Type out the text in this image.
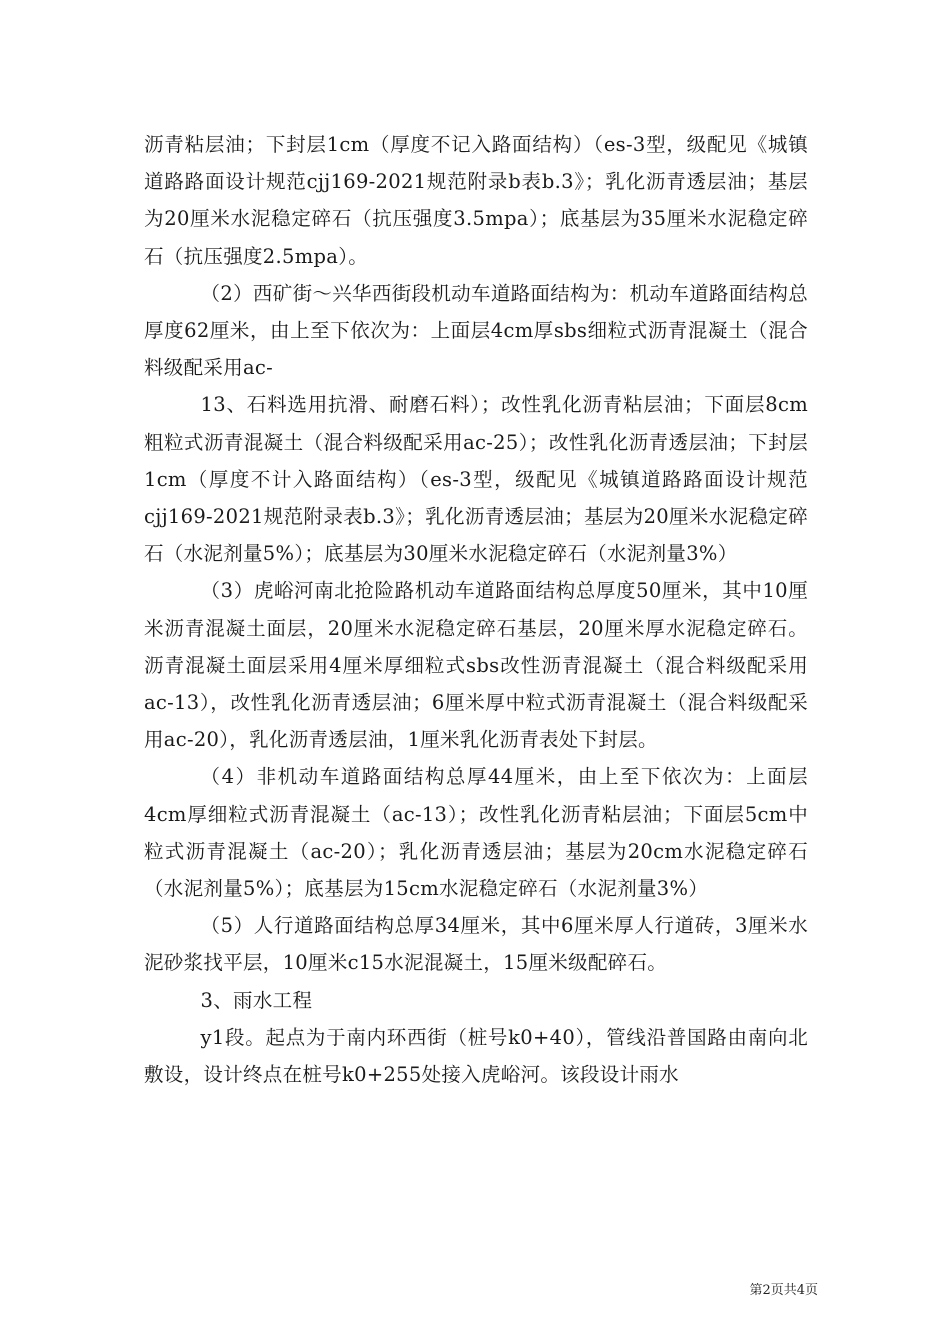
沥青粘层油；下封层1cm（厚度不记入路面结构）（es-3型，级配见《城镇道路路面设计规范cjj169-2021规范附录b表b.3》；乳化沥青透层油；基层为20厘米水泥稳定碎石（抗压强度3.5mpa）；底基层为35厘米水泥稳定碎石（抗压强度2.5mpa）。

（2）西矿街～兴华西街段机动车道路面结构为：机动车道路面结构总厚度62厘米，由上至下依次为：上面层4cm厚sbs细粒式沥青混凝土（混合料级配采用ac-

13、石料选用抗滑、耐磨石料）；改性乳化沥青粘层油；下面层8cm粗粒式沥青混凝土（混合料级配采用ac-25）；改性乳化沥青透层油；下封层1cm（厚度不计入路面结构）（es-3型，级配见《城镇道路路面设计规范cjj169-2021规范附录表b.3》；乳化沥青透层油；基层为20厘米水泥稳定碎石（水泥剂量5%）；底基层为30厘米水泥稳定碎石（水泥剂量3%）

（3）虎峪河南北抢险路机动车道路面结构总厚度50厘米，其中10厘米沥青混凝土面层，20厘米水泥稳定碎石基层，20厘米厚水泥稳定碎石。沥青混凝土面层采用4厘米厚细粒式sbs改性沥青混凝土（混合料级配采用ac-13），改性乳化沥青透层油；6厘米厚中粒式沥青混凝土（混合料级配采用ac-20），乳化沥青透层油，1厘米乳化沥青表处下封层。

（4）非机动车道路面结构总厚44厘米，由上至下依次为：上面层4cm厚细粒式沥青混凝土（ac-13）；改性乳化沥青粘层油；下面层5cm中粒式沥青混凝土（ac-20）；乳化沥青透层油；基层为20cm水泥稳定碎石（水泥剂量5%）；底基层为15cm水泥稳定碎石（水泥剂量3%）

（5）人行道路面结构总厚34厘米，其中6厘米厚人行道砖，3厘米水泥砂浆找平层，10厘米c15水泥混凝土，15厘米级配碎石。

3、雨水工程

y1段。起点为于南内环西街（桩号k0+40），管线沿普国路由南向北敷设，设计终点在桩号k0+255处接入虎峪河。该段设计雨水

第2页共4页
